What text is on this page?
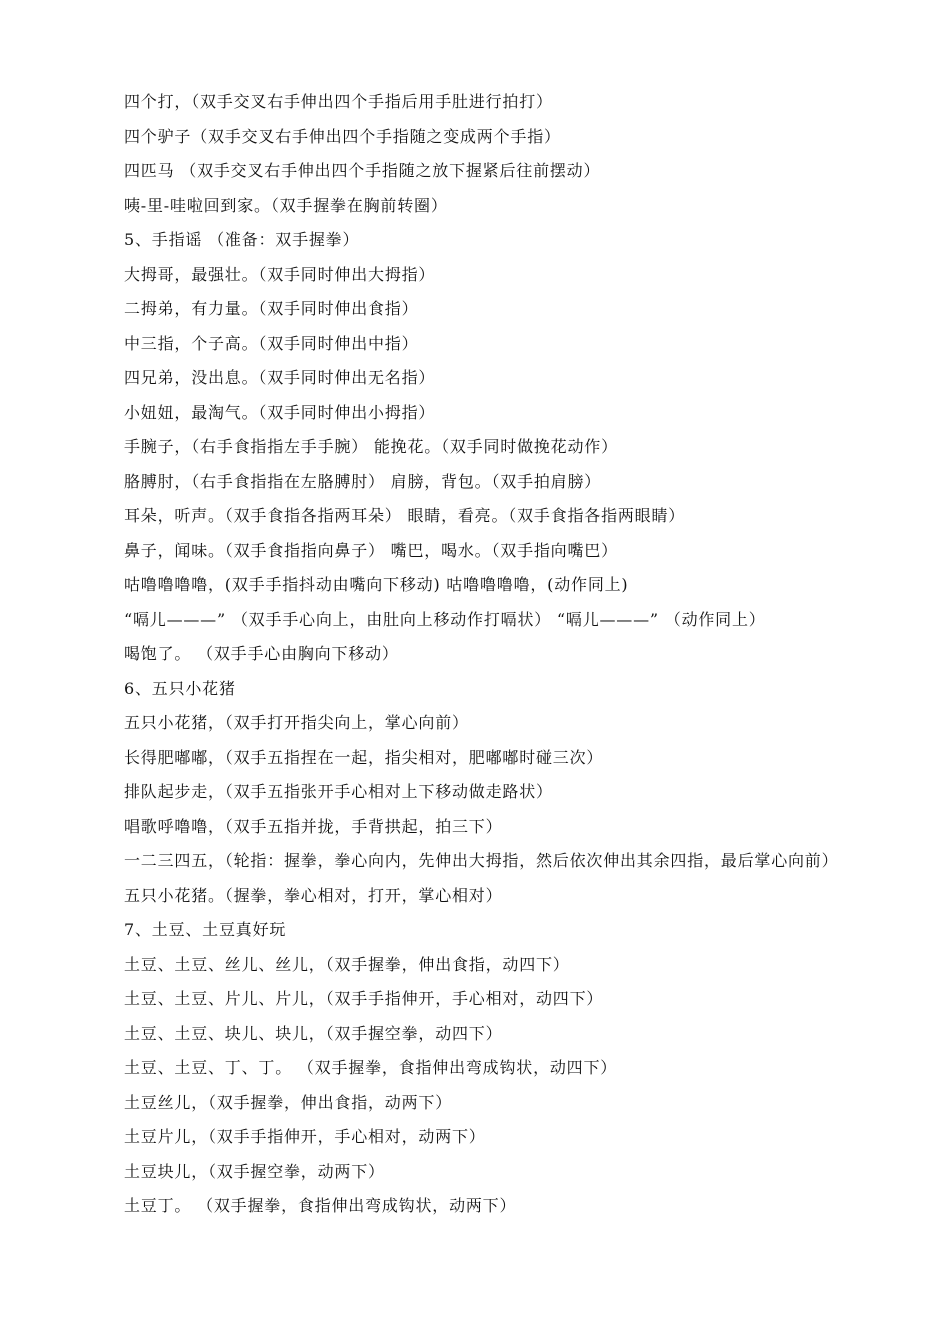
四个打，（双手交叉右手伸出四个手指后用手肚进行拍打）

四个驴子（双手交叉右手伸出四个手指随之变成两个手指）

四匹马 （双手交叉右手伸出四个手指随之放下握紧后往前摆动）

咦-里-哇啦回到家。（双手握拳在胸前转圈）

5、手指谣 （准备：双手握拳）

大拇哥，最强壮。（双手同时伸出大拇指）

二拇弟，有力量。（双手同时伸出食指）

中三指，个子高。（双手同时伸出中指）

四兄弟，没出息。（双手同时伸出无名指）

小妞妞，最淘气。（双手同时伸出小拇指）

手腕子，（右手食指指左手手腕） 能挽花。（双手同时做挽花动作）

胳膊肘，（右手食指指在左胳膊肘） 肩膀，背包。（双手拍肩膀）

耳朵，听声。（双手食指各指两耳朵） 眼睛，看亮。（双手食指各指两眼睛）

鼻子，闻味。（双手食指指向鼻子） 嘴巴，喝水。（双手指向嘴巴）

咕噜噜噜噜，(双手手指抖动由嘴向下移动) 咕噜噜噜噜，(动作同上)

“嗝儿———” （双手手心向上，由肚向上移动作打嗝状） “嗝儿———” （动作同上）

喝饱了。 （双手手心由胸向下移动）

6、五只小花猪

五只小花猪，（双手打开指尖向上，掌心向前）

长得肥嘟嘟，（双手五指捏在一起，指尖相对，肥嘟嘟时碰三次）

排队起步走，（双手五指张开手心相对上下移动做走路状）

唱歌呼噜噜，（双手五指并拢，手背拱起，拍三下）

一二三四五，（轮指：握拳，拳心向内，先伸出大拇指，然后依次伸出其余四指，最后掌心向前）

五只小花猪。（握拳，拳心相对，打开，掌心相对）

7、土豆、土豆真好玩

土豆、土豆、丝儿、丝儿，（双手握拳，伸出食指，动四下）

土豆、土豆、片儿、片儿，（双手手指伸开，手心相对，动四下）

土豆、土豆、块儿、块儿，（双手握空拳，动四下）

土豆、土豆、丁、丁。 （双手握拳，食指伸出弯成钩状，动四下）

土豆丝儿，（双手握拳，伸出食指，动两下）

土豆片儿，（双手手指伸开，手心相对，动两下）

土豆块儿，（双手握空拳，动两下）

土豆丁。 （双手握拳，食指伸出弯成钩状，动两下）
